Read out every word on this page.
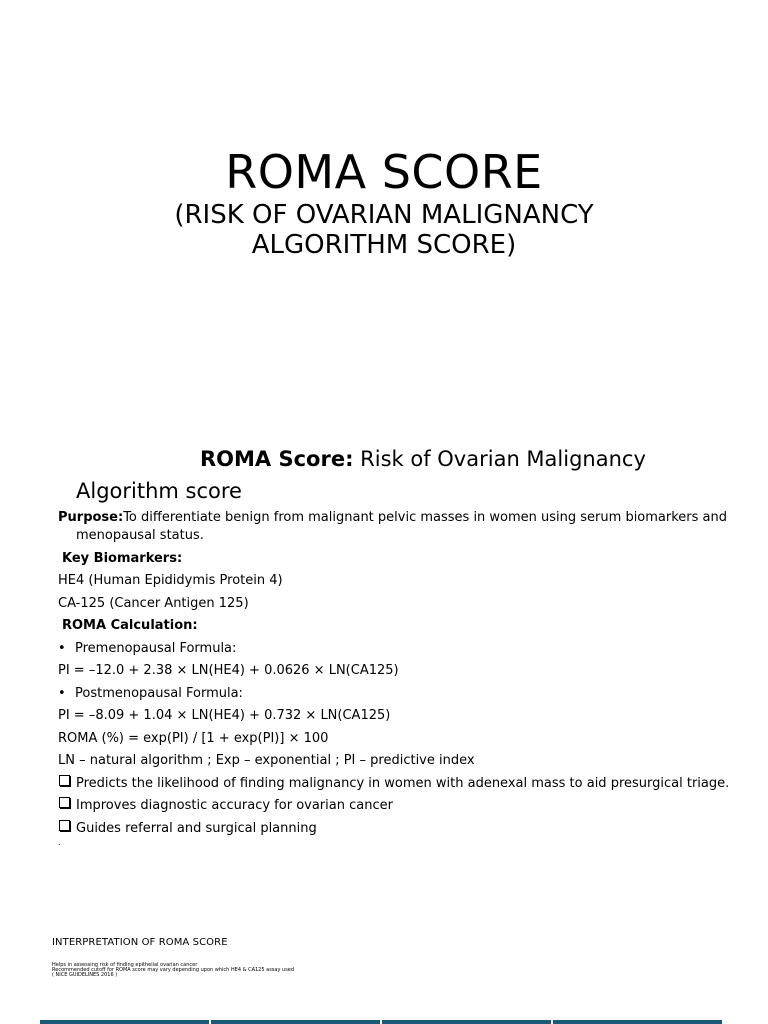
ROMA SCORE
(RISK OF OVARIAN MALIGNANCY ALGORITHM SCORE)
ROMA Score: Risk of Ovarian Malignancy
Algorithm score
Purpose:To differentiate benign from malignant pelvic masses in women using serum biomarkers and
menopausal status.
Key Biomarkers:
HE4 (Human Epididymis Protein 4)
CA-125 (Cancer Antigen 125)
ROMA Calculation:
• Premenopausal Formula:
PI = –12.0 + 2.38 × LN(HE4) + 0.0626 × LN(CA125)
• Postmenopausal Formula:
PI = –8.09 + 1.04 × LN(HE4) + 0.732 × LN(CA125)
ROMA (%) = exp(PI) / [1 + exp(PI)] × 100
LN – natural algorithm ; Exp – exponential ; PI – predictive index
Predicts the likelihood of finding malignancy in women with adenexal mass to aid presurgical triage.
Improves diagnostic accuracy for ovarian cancer
Guides referral and surgical planning
.
INTERPRETATION OF ROMA SCORE
Helps in assessing risk of finding epithelial ovarian cancer
Recommended cutoff for ROMA score may vary depending upon which HE4 & CA125 assay used
( NICE GUIDELINES 2016 )
